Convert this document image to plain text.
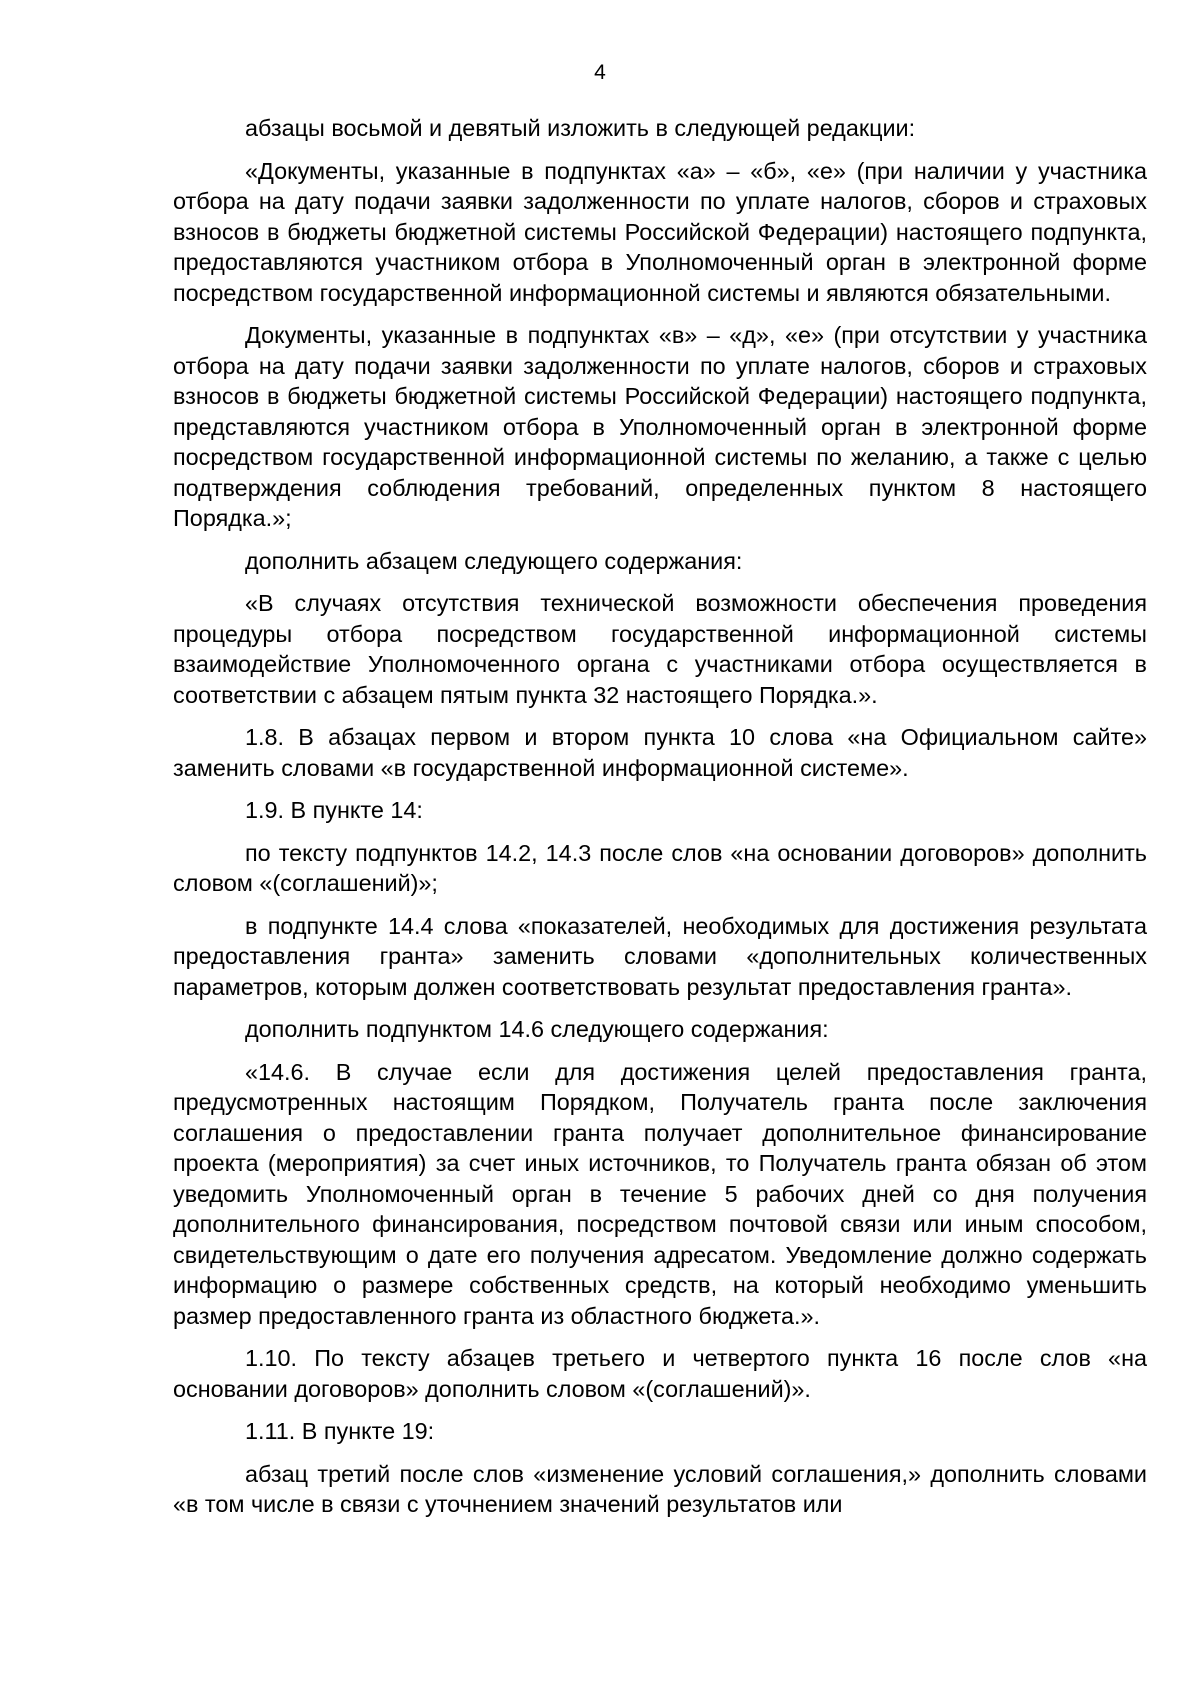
4

абзацы восьмой и девятый изложить в следующей редакции:

«Документы, указанные в подпунктах «а» – «б», «е» (при наличии у участника отбора на дату подачи заявки задолженности по уплате налогов, сборов и страховых взносов в бюджеты бюджетной системы Российской Федерации) настоящего подпункта, предоставляются участником отбора в Уполномоченный орган в электронной форме посредством государственной информационной системы и являются обязательными.

Документы, указанные в подпунктах «в» – «д», «е» (при отсутствии у участника отбора на дату подачи заявки задолженности по уплате налогов, сборов и страховых взносов в бюджеты бюджетной системы Российской Федерации) настоящего подпункта, представляются участником отбора в Уполномоченный орган в электронной форме посредством государственной информационной системы по желанию, а также с целью подтверждения соблюдения требований, определенных пунктом 8 настоящего Порядка.»;

дополнить абзацем следующего содержания:

«В случаях отсутствия технической возможности обеспечения проведения процедуры отбора посредством государственной информационной системы взаимодействие Уполномоченного органа с участниками отбора осуществляется в соответствии с абзацем пятым пункта 32 настоящего Порядка.».

1.8. В абзацах первом и втором пункта 10 слова «на Официальном сайте» заменить словами «в государственной информационной системе».

1.9. В пункте 14:

по тексту подпунктов 14.2, 14.3 после слов «на основании договоров» дополнить словом «(соглашений)»;

в подпункте 14.4 слова «показателей, необходимых для достижения результата предоставления гранта» заменить словами «дополнительных количественных параметров, которым должен соответствовать результат предоставления гранта».

дополнить подпунктом 14.6 следующего содержания:

«14.6. В случае если для достижения целей предоставления гранта, предусмотренных настоящим Порядком, Получатель гранта после заключения соглашения о предоставлении гранта получает дополнительное финансирование проекта (мероприятия) за счет иных источников, то Получатель гранта обязан об этом уведомить Уполномоченный орган в течение 5 рабочих дней со дня получения дополнительного финансирования, посредством почтовой связи или иным способом, свидетельствующим о дате его получения адресатом. Уведомление должно содержать информацию о размере собственных средств, на который необходимо уменьшить размер предоставленного гранта из областного бюджета.».

1.10. По тексту абзацев третьего и четвертого пункта 16 после слов «на основании договоров» дополнить словом «(соглашений)».

1.11. В пункте 19:

абзац третий после слов «изменение условий соглашения,» дополнить словами «в том числе в связи с уточнением значений результатов или
